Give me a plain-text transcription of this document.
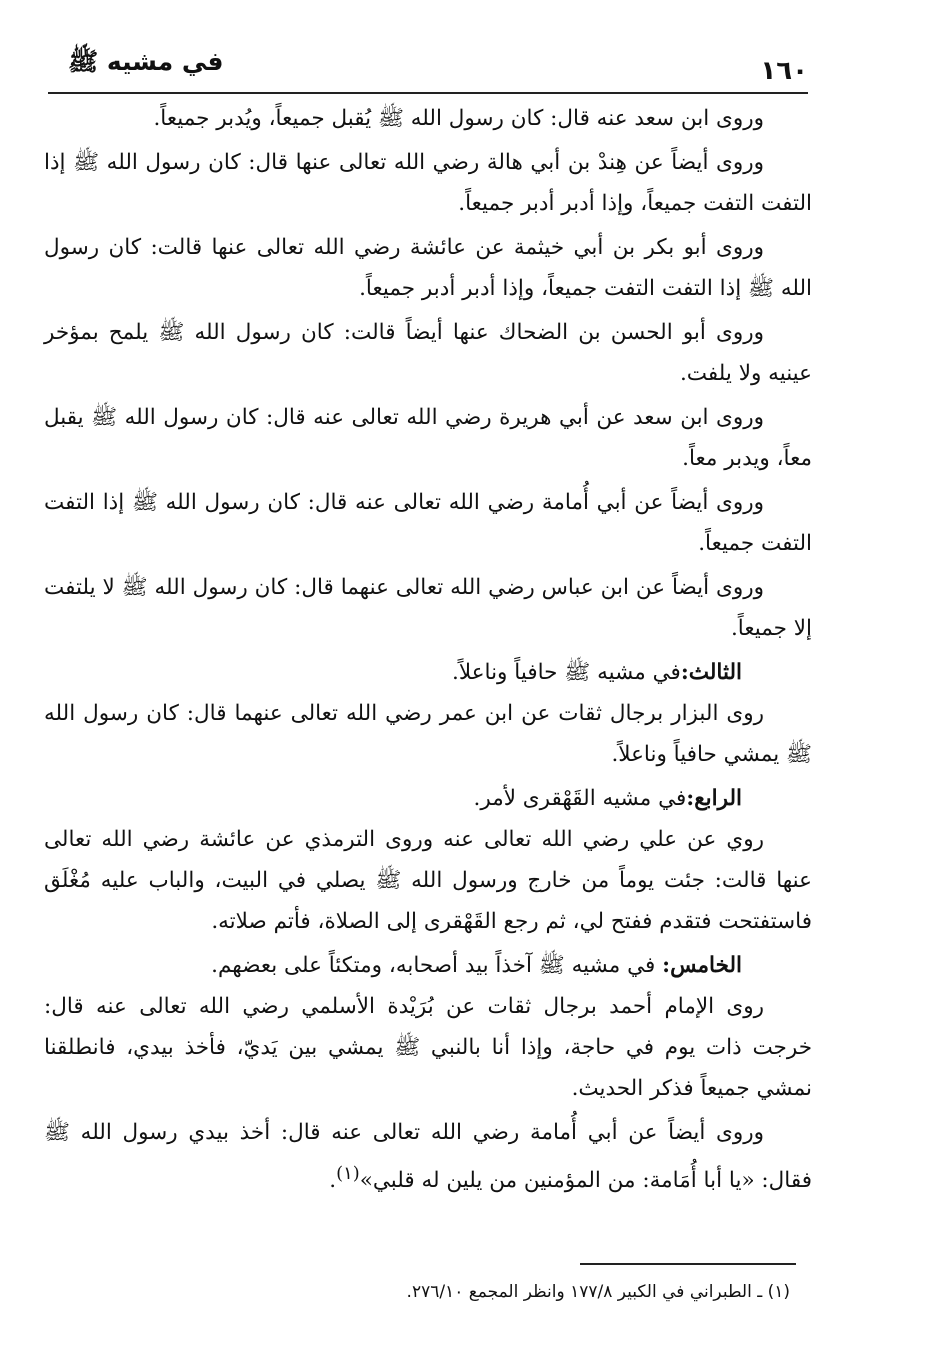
١٦٠
في مشيه ﷺ

وروى ابن سعد عنه قال: كان رسول الله ﷺ يُقبل جميعاً، ويُدبر جميعاً.

وروى أيضاً عن هِندْ بن أبي هالة رضي الله تعالى عنها قال: كان رسول الله ﷺ إذا التفت التفت جميعاً، وإذا أدبر أدبر جميعاً.

وروى أبو بكر بن أبي خيثمة عن عائشة رضي الله تعالى عنها قالت: كان رسول الله ﷺ إذا التفت التفت جميعاً، وإذا أدبر أدبر جميعاً.

وروى أبو الحسن بن الضحاك عنها أيضاً قالت: كان رسول الله ﷺ يلمح بمؤخر عينيه ولا يلفت.

وروى ابن سعد عن أبي هريرة رضي الله تعالى عنه قال: كان رسول الله ﷺ يقبل معاً، ويدبر معاً.

وروى أيضاً عن أبي أُمامة رضي الله تعالى عنه قال: كان رسول الله ﷺ إذا التفت التفت جميعاً.

وروى أيضاً عن ابن عباس رضي الله تعالى عنهما قال: كان رسول الله ﷺ لا يلتفت إلا جميعاً.

الثالث:في مشيه ﷺ حافياً وناعلاً.

روى البزار برجال ثقات عن ابن عمر رضي الله تعالى عنهما قال: كان رسول الله ﷺ يمشي حافياً وناعلاً.

الرابع:في مشيه القَهْقرى لأمر.

روي عن علي رضي الله تعالى عنه وروى الترمذي عن عائشة رضي الله تعالى عنها قالت: جئت يوماً من خارج ورسول الله ﷺ يصلي في البيت، والباب عليه مُغْلَق فاستفتحت فتقدم ففتح لي، ثم رجع القَهْقرى إلى الصلاة، فأتم صلاته.

الخامس: في مشيه ﷺ آخذاً بيد أصحابه، ومتكئاً على بعضهم.

روى الإمام أحمد برجال ثقات عن بُرَيْدة الأسلمي رضي الله تعالى عنه قال: خرجت ذات يوم في حاجة، وإذا أنا بالنبي ﷺ يمشي بين يَديّ، فأخذ بيدي، فانطلقنا نمشي جميعاً فذكر الحديث.

وروى أيضاً عن أبي أُمامة رضي الله تعالى عنه قال: أخذ بيدي رسول الله ﷺ فقال: «يا أبا أُمَامة: من المؤمنين من يلين له قلبي»$^{(١)}$.

(١) ـ الطبراني في الكبير ١٧٧/٨ وانظر المجمع ٢٧٦/١٠.
